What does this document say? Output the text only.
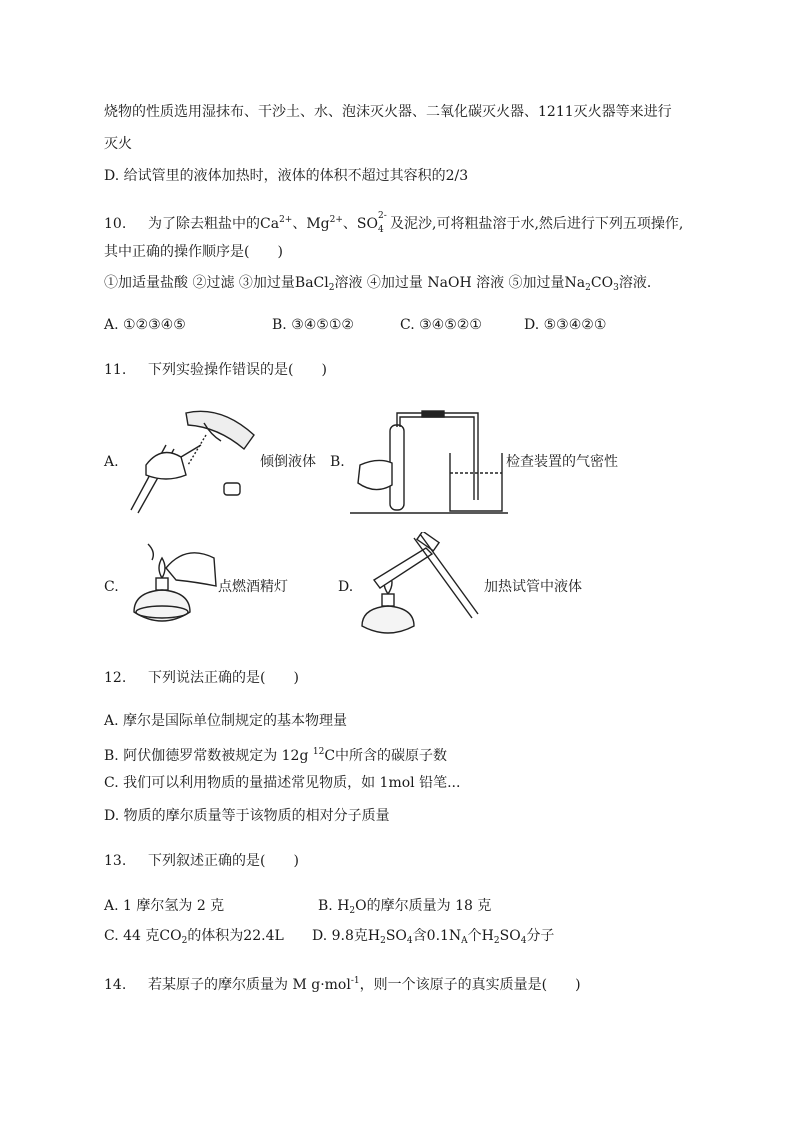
烧物的性质选用湿抹布、干沙土、水、泡沫灭火器、二氧化碳灭火器、1211灭火器等来进行
灭火
D. 给试管里的液体加热时，液体的体积不超过其容积的2/3
10. 为了除去粗盐中的$Ca^{2+}$、$Mg^{2+}$、SO 2-
4 及泥沙,可将粗盐溶于水,然后进行下列五项操作,
其中正确的操作顺序是(　　)
①加适量盐酸 ②过滤 ③加过量BaCl$_2$溶液 ④加过量 NaOH 溶液 ⑤加过量$Na_2CO_3$溶液．
A. ①②③④⑤	B. ③④⑤①②	C. ③④⑤②①	D. ⑤③④②①
11. 下列实验操作错误的是(　　)
A.	倾倒液体 B.	检查装置的气密性
C.	点燃酒精灯	D.	加热试管中液体
12. 下列说法正确的是(　　)
A. 摩尔是国际单位制规定的基本物理量
B. 阿伏伽德罗常数被规定为 12g $^{12}$C中所含的碳原子数
C. 我们可以利用物质的量描述常见物质，如 1mol 铅笔...
D. 物质的摩尔质量等于该物质的相对分子质量
13. 下列叙述正确的是(　　)
A. 1 摩尔氢为 2 克	B. $H_2O$的摩尔质量为 18 克
C. 44 克$CO_2$的体积为22.4L D. 9.8克$H_2SO_4$含$0.1N_A$个$H_2SO_4$分子
14. 若某原子的摩尔质量为 M g·mol$^{-1}$，则一个该原子的真实质量是(　　)
